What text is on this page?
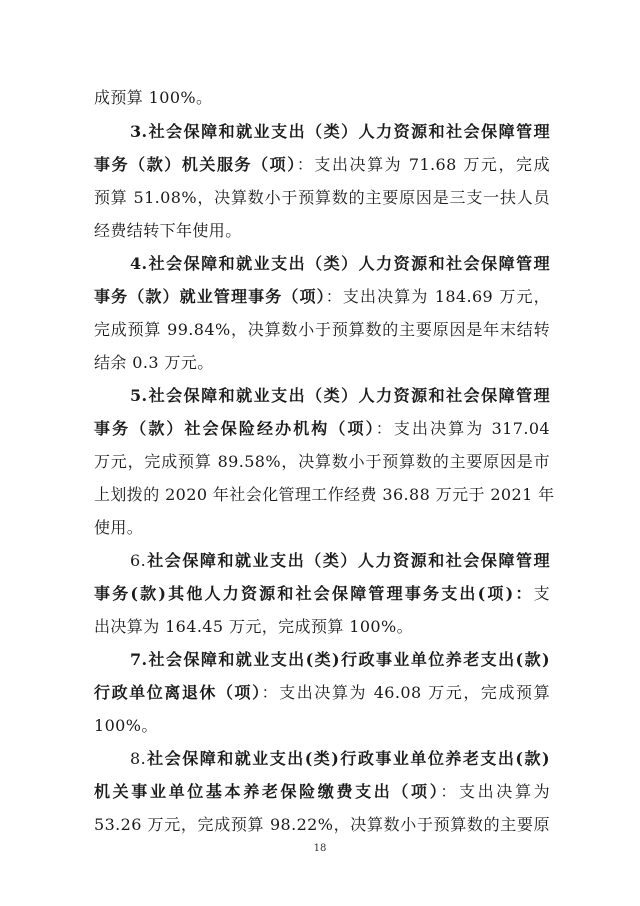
成预算 100%。
3.社会保障和就业支出（类）人力资源和社会保障管理
事务（款）机关服务（项）：支出决算为 71.68 万元，完成
预算 51.08%，决算数小于预算数的主要原因是三支一扶人员
经费结转下年使用。
4.社会保障和就业支出（类）人力资源和社会保障管理
事务（款）就业管理事务（项）：支出决算为 184.69 万元，
完成预算 99.84%，决算数小于预算数的主要原因是年末结转
结余 0.3 万元。
5.社会保障和就业支出（类）人力资源和社会保障管理
事务（款）社会保险经办机构（项）：支出决算为 317.04
万元，完成预算 89.58%，决算数小于预算数的主要原因是市
上划拨的 2020 年社会化管理工作经费 36.88 万元于 2021 年
使用。
6.社会保障和就业支出（类）人力资源和社会保障管理
事务(款)其他人力资源和社会保障管理事务支出(项)：支
出决算为 164.45 万元，完成预算 100%。
7.社会保障和就业支出(类)行政事业单位养老支出(款)
行政单位离退休（项）：支出决算为 46.08 万元，完成预算
100%。
8.社会保障和就业支出(类)行政事业单位养老支出(款)
机关事业单位基本养老保险缴费支出（项）：支出决算为
53.26 万元，完成预算 98.22%，决算数小于预算数的主要原
18
